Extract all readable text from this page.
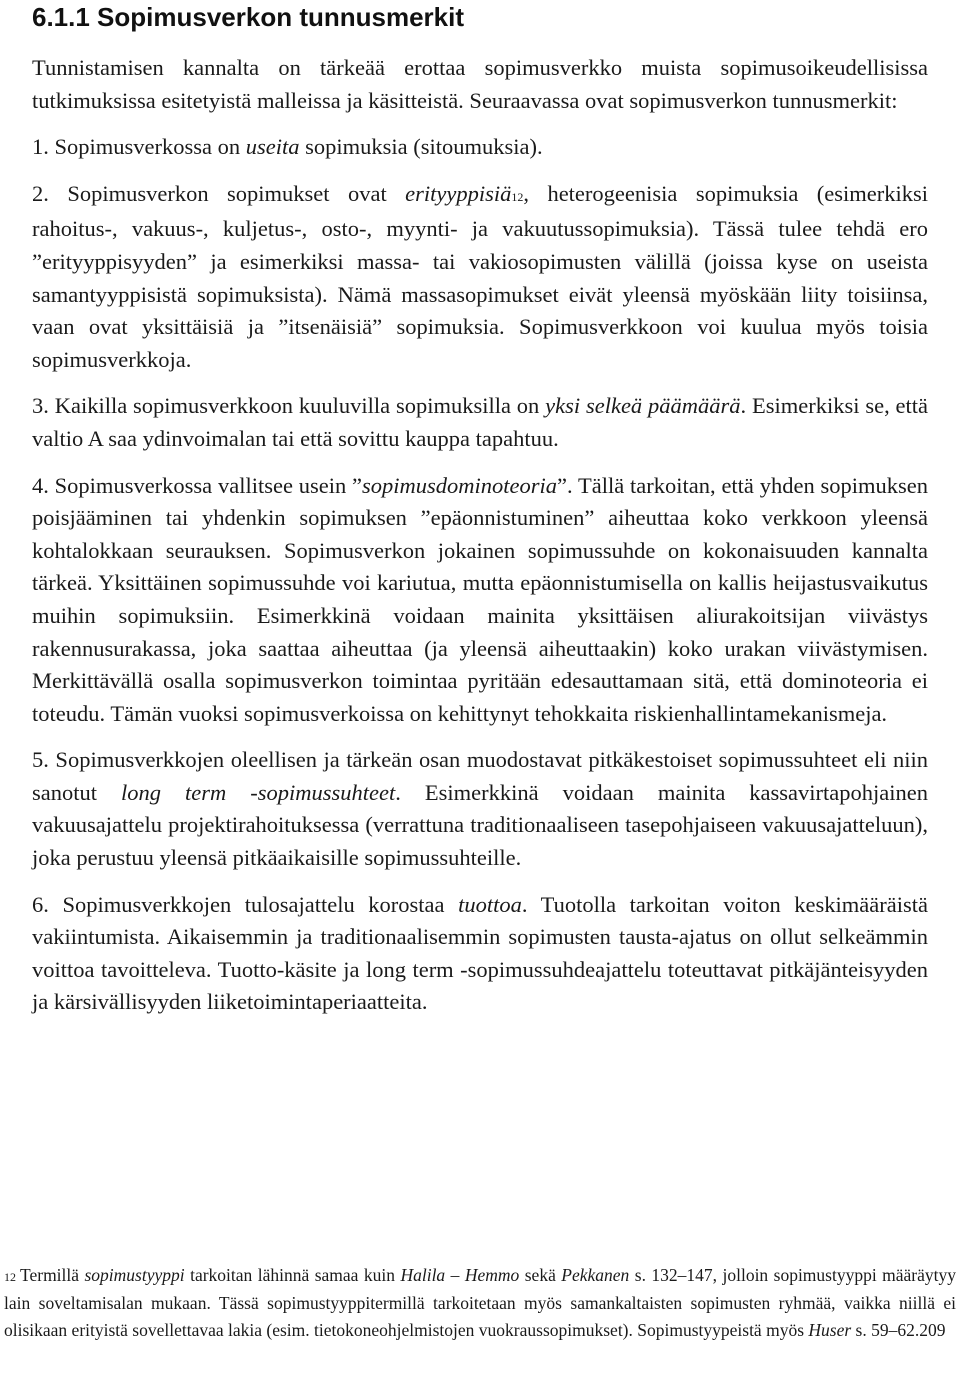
6.1.1 Sopimusverkon tunnusmerkit

Tunnistamisen kannalta on tärkeää erottaa sopimusverkko muista sopimusoikeudellisissa tutkimuksissa esitetyistä malleissa ja käsitteistä. Seuraavassa ovat sopimusverkon tunnusmerkit:

1. Sopimusverkossa on useita sopimuksia (sitoumuksia).

2. Sopimusverkon sopimukset ovat erityyppisiä12, heterogeenisia sopimuksia (esimerkiksi rahoitus-, vakuus-, kuljetus-, osto-, myynti- ja vakuutussopimuksia). Tässä tulee tehdä ero ”erityyppisyyden” ja esimerkiksi massa- tai vakiosopimusten välillä (joissa kyse on useista samantyyppisistä sopimuksista). Nämä massasopimukset eivät yleensä myöskään liity toisiinsa, vaan ovat yksittäisiä ja ”itsenäisiä” sopimuksia. Sopimusverkkoon voi kuulua myös toisia sopimusverkkoja.

3. Kaikilla sopimusverkkoon kuuluvilla sopimuksilla on yksi selkeä päämäärä. Esimerkiksi se, että valtio A saa ydinvoimalan tai että sovittu kauppa tapahtuu.

4. Sopimusverkossa vallitsee usein ”sopimusdominoteoria”. Tällä tarkoitan, että yhden sopimuksen poisjääminen tai yhdenkin sopimuksen ”epäonnistuminen” aiheuttaa koko verkkoon yleensä kohtalokkaan seurauksen. Sopimusverkon jokainen sopimussuhde on kokonaisuuden kannalta tärkeä. Yksittäinen sopimussuhde voi kariutua, mutta epäonnistumisella on kallis heijastusvaikutus muihin sopimuksiin. Esimerkkinä voidaan mainita yksittäisen aliurakoitsijan viivästys rakennusurakassa, joka saattaa aiheuttaa (ja yleensä aiheuttaakin) koko urakan viivästymisen. Merkittävällä osalla sopimusverkon toimintaa pyritään edesauttamaan sitä, että dominoteoria ei toteudu. Tämän vuoksi sopimusverkoissa on kehittynyt tehokkaita riskienhallintamekanismeja.

5. Sopimusverkkojen oleellisen ja tärkeän osan muodostavat pitkäkestoiset sopimussuhteet eli niin sanotut long term -sopimussuhteet. Esimerkkinä voidaan mainita kassavirtapohjainen vakuusajattelu projektirahoituksessa (verrattuna traditionaaliseen tasepohjaiseen vakuusajatteluun), joka perustuu yleensä pitkäaikaisille sopimussuhteille.

6. Sopimusverkkojen tulosajattelu korostaa tuottoa. Tuotolla tarkoitan voiton keskimääräistä vakiintumista. Aikaisemmin ja traditionaalisemmin sopimusten tausta-ajatus on ollut selkeämmin voittoa tavoitteleva. Tuotto-käsite ja long term -sopimussuhdeajattelu toteuttavat pitkäjänteisyyden ja kärsivällisyyden liiketoimintaperiaatteita.

12 Termillä sopimustyyppi tarkoitan lähinnä samaa kuin Halila – Hemmo sekä Pekkanen s. 132–147, jolloin sopimustyyppi määräytyy lain soveltamisalan mukaan. Tässä sopimustyyppitermillä tarkoitetaan myös samankaltaisten sopimusten ryhmää, vaikka niillä ei olisikaan erityistä sovellettavaa lakia (esim. tietokoneohjelmistojen vuokraussopimukset). Sopimustyypeistä myös Huser s. 59–62.209
